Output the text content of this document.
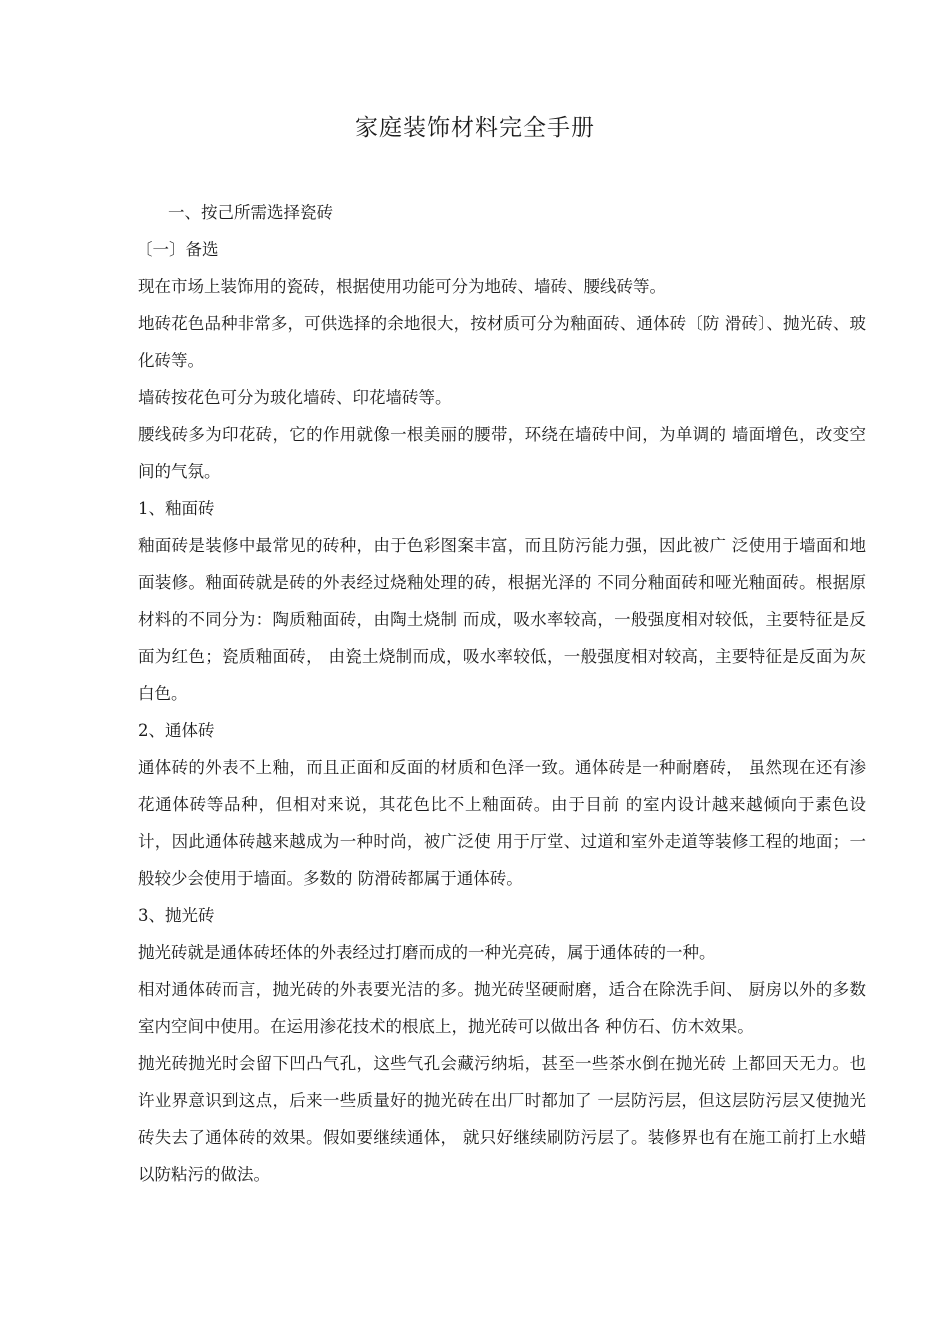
家庭装饰材料完全手册

一、按己所需选择瓷砖

〔一〕备选

现在市场上装饰用的瓷砖，根据使用功能可分为地砖、墙砖、腰线砖等。

地砖花色品种非常多，可供选择的余地很大，按材质可分为釉面砖、通体砖〔防 滑砖〕、抛光砖、玻化砖等。

墙砖按花色可分为玻化墙砖、印花墙砖等。

腰线砖多为印花砖，它的作用就像一根美丽的腰带，环绕在墙砖中间，为单调的 墙面增色，改变空间的气氛。

1、釉面砖

釉面砖是装修中最常见的砖种，由于色彩图案丰富，而且防污能力强，因此被广 泛使用于墙面和地面装修。釉面砖就是砖的外表经过烧釉处理的砖，根据光泽的 不同分釉面砖和哑光釉面砖。根据原材料的不同分为：陶质釉面砖，由陶土烧制 而成，吸水率较高，一般强度相对较低，主要特征是反面为红色；瓷质釉面砖， 由瓷土烧制而成，吸水率较低，一般强度相对较高，主要特征是反面为灰白色。

2、通体砖

通体砖的外表不上釉，而且正面和反面的材质和色泽一致。通体砖是一种耐磨砖， 虽然现在还有渗花通体砖等品种，但相对来说，其花色比不上釉面砖。由于目前 的室内设计越来越倾向于素色设计，因此通体砖越来越成为一种时尚，被广泛使 用于厅堂、过道和室外走道等装修工程的地面；一般较少会使用于墙面。多数的 防滑砖都属于通体砖。

3、抛光砖

抛光砖就是通体砖坯体的外表经过打磨而成的一种光亮砖，属于通体砖的一种。

相对通体砖而言，抛光砖的外表要光洁的多。抛光砖坚硬耐磨，适合在除洗手间、 厨房以外的多数室内空间中使用。在运用渗花技术的根底上，抛光砖可以做出各 种仿石、仿木效果。

抛光砖抛光时会留下凹凸气孔，这些气孔会藏污纳垢，甚至一些茶水倒在抛光砖 上都回天无力。也许业界意识到这点，后来一些质量好的抛光砖在出厂时都加了 一层防污层，但这层防污层又使抛光砖失去了通体砖的效果。假如要继续通体， 就只好继续刷防污层了。装修界也有在施工前打上水蜡以防粘污的做法。
